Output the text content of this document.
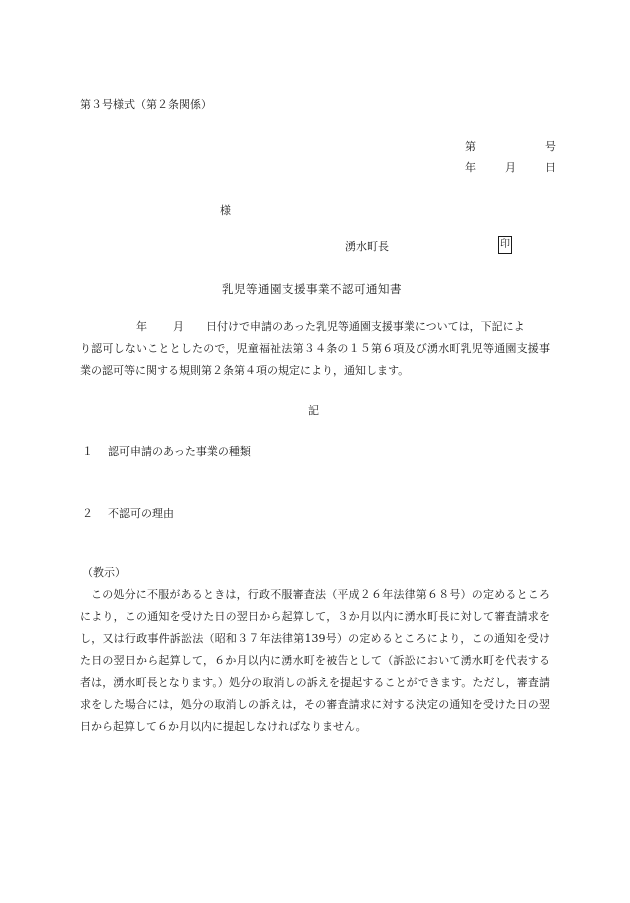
第３号様式（第２条関係）
第	号
年	月	日
様
湧水町長	印
乳児等通園支援事業不認可通知書
年 月 日付けで申請のあった乳児等通園支援事業については，下記によ
り認可しないこととしたので，児童福祉法第３４条の１５第６項及び湧水町乳児等通園支援事業の認可等に関する規則第２条第４項の規定により，通知します。
記
１ 認可申請のあった事業の種類
２ 不認可の理由
（教示）
この処分に不服があるときは，行政不服審査法（平成２６年法律第６８号）の定めるところにより，この通知を受けた日の翌日から起算して，３か月以内に湧水町長に対して審査請求をし，又は行政事件訴訟法（昭和３７年法律第139号）の定めるところにより，この通知を受けた日の翌日から起算して，６か月以内に湧水町を被告として（訴訟において湧水町を代表する者は，湧水町長となります。）処分の取消しの訴えを提起することができます。ただし，審査請求をした場合には，処分の取消しの訴えは，その審査請求に対する決定の通知を受けた日の翌日から起算して６か月以内に提起しなければなりません。
